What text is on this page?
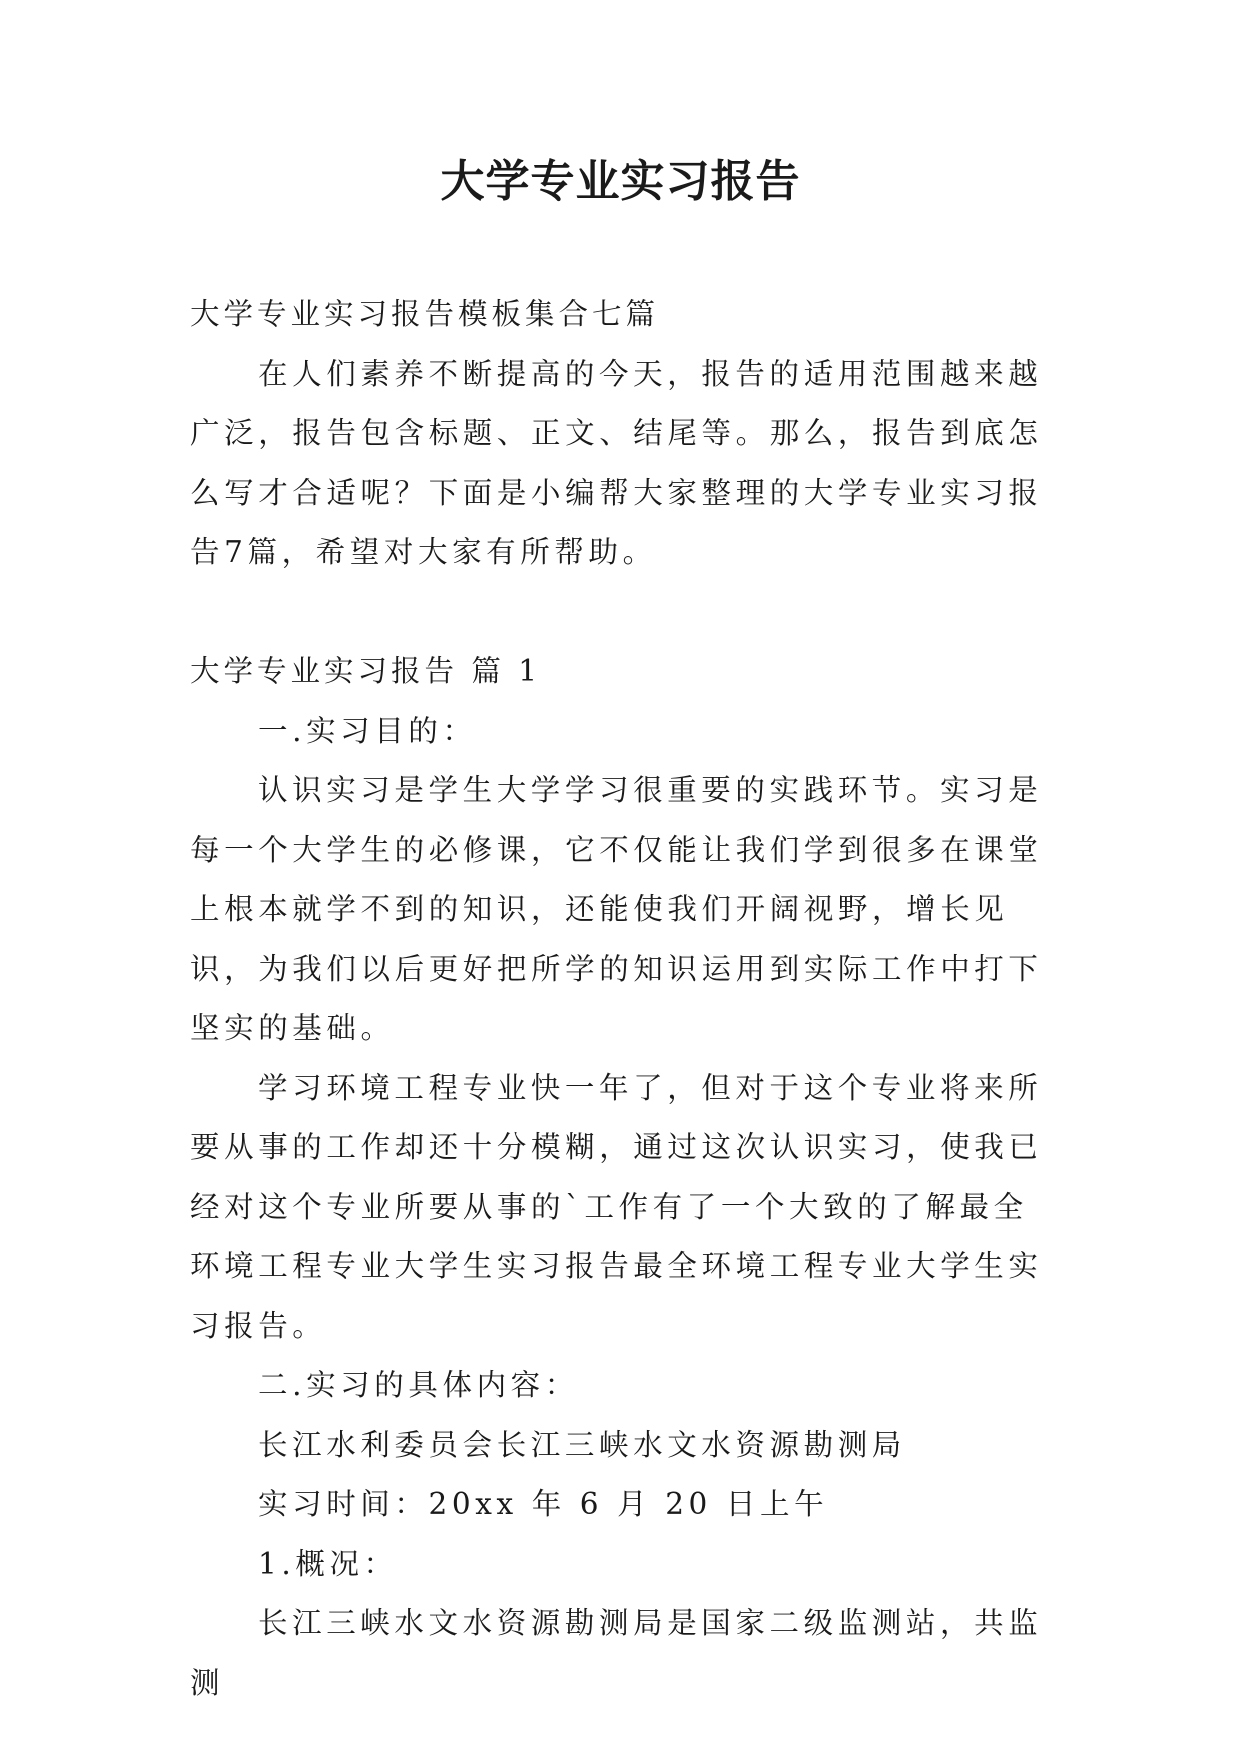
大学专业实习报告

大学专业实习报告模板集合七篇

在人们素养不断提高的今天，报告的适用范围越来越广泛，报告包含标题、正文、结尾等。那么，报告到底怎么写才合适呢？下面是小编帮大家整理的大学专业实习报告7篇，希望对大家有所帮助。

大学专业实习报告 篇 1

一.实习目的：

认识实习是学生大学学习很重要的实践环节。实习是每一个大学生的必修课，它不仅能让我们学到很多在课堂上根本就学不到的知识，还能使我们开阔视野，增长见识，为我们以后更好把所学的知识运用到实际工作中打下坚实的基础。

学习环境工程专业快一年了，但对于这个专业将来所要从事的工作却还十分模糊，通过这次认识实习，使我已经对这个专业所要从事的`工作有了一个大致的了解最全环境工程专业大学生实习报告最全环境工程专业大学生实习报告。

二.实习的具体内容：

长江水利委员会长江三峡水文水资源勘测局

实习时间：20xx 年 6 月 20 日上午

1.概况：

长江三峡水文水资源勘测局是国家二级监测站，共监测
